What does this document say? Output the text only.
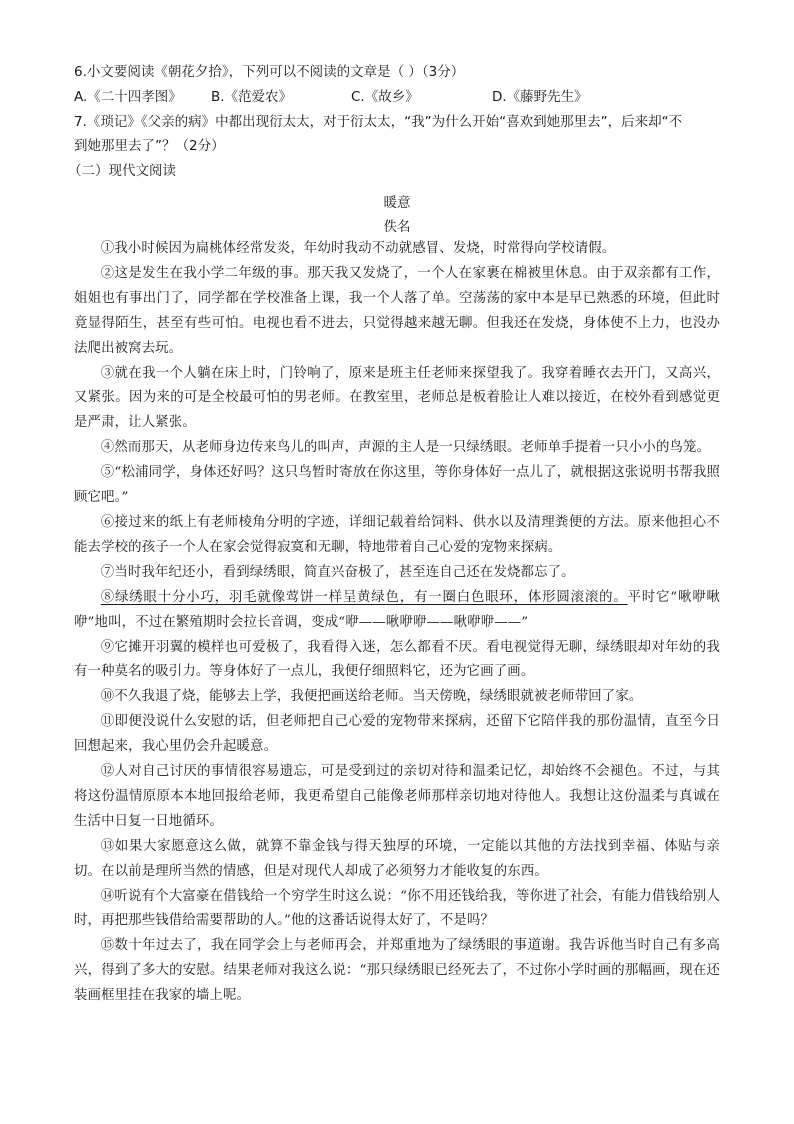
6.小文要阅读《朝花夕拾》，下列可以不阅读的文章是（ ）（3分）
A.《二十四孝图》	B.《范爱农》	C.《故乡》	D.《藤野先生》
7.《琐记》《父亲的病》中都出现衍太太，对于衍太太，“我”为什么开始“喜欢到她那里去”，后来却“不
到她那里去了”？（2分）
（二）现代文阅读
暖意
佚名

①我小时候因为扁桃体经常发炎，年幼时我动不动就感冒、发烧，时常得向学校请假。

②这是发生在我小学二年级的事。那天我又发烧了，一个人在家裹在棉被里休息。由于双亲都有工作，姐姐也有事出门了，同学都在学校准备上课，我一个人落了单。空荡荡的家中本是早已熟悉的环境，但此时竟显得陌生，甚至有些可怕。电视也看不进去，只觉得越来越无聊。但我还在发烧，身体使不上力，也没办法爬出被窝去玩。

③就在我一个人躺在床上时，门铃响了，原来是班主任老师来探望我了。我穿着睡衣去开门，又高兴，又紧张。因为来的可是全校最可怕的男老师。在教室里，老师总是板着脸让人难以接近，在校外看到感觉更是严肃，让人紧张。

④然而那天，从老师身边传来鸟儿的叫声，声源的主人是一只绿绣眼。老师单手提着一只小小的鸟笼。

⑤“松浦同学，身体还好吗？这只鸟暂时寄放在你这里，等你身体好一点儿了，就根据这张说明书帮我照顾它吧。”

⑥接过来的纸上有老师棱角分明的字迹，详细记载着给饲料、供水以及清理粪便的方法。原来他担心不能去学校的孩子一个人在家会觉得寂寞和无聊，特地带着自己心爱的宠物来探病。

⑦当时我年纪还小，看到绿绣眼，简直兴奋极了，甚至连自己还在发烧都忘了。

⑧绿绣眼十分小巧，羽毛就像莺饼一样呈黄绿色，有一圈白色眼环，体形圆滚滚的。平时它“啾咿啾咿”地叫，不过在繁殖期时会拉长音调，变成“咿——啾咿咿——啾咿咿——”

⑨它摊开羽翼的模样也可爱极了，我看得入迷，怎么都看不厌。看电视觉得无聊，绿绣眼却对年幼的我有一种莫名的吸引力。等身体好了一点儿，我便仔细照料它，还为它画了画。

⑩不久我退了烧，能够去上学，我便把画送给老师。当天傍晚，绿绣眼就被老师带回了家。

⑪即便没说什么安慰的话，但老师把自己心爱的宠物带来探病，还留下它陪伴我的那份温情，直至今日回想起来，我心里仍会升起暖意。

⑫人对自己讨厌的事情很容易遗忘，可是受到过的亲切对待和温柔记忆，却始终不会褪色。不过，与其将这份温情原原本本地回报给老师，我更希望自己能像老师那样亲切地对待他人。我想让这份温柔与真诚在生活中日复一日地循环。

⑬如果大家愿意这么做，就算不靠金钱与得天独厚的环境，一定能以其他的方法找到幸福、体贴与亲切。在以前是理所当然的情感，但是对现代人却成了必须努力才能收复的东西。

⑭听说有个大富豪在借钱给一个穷学生时这么说：“你不用还钱给我，等你进了社会，有能力借钱给别人时，再把那些钱借给需要帮助的人。”他的这番话说得太好了，不是吗？

⑮数十年过去了，我在同学会上与老师再会，并郑重地为了绿绣眼的事道谢。我告诉他当时自己有多高兴，得到了多大的安慰。结果老师对我这么说：“那只绿绣眼已经死去了，不过你小学时画的那幅画，现在还装画框里挂在我家的墙上呢。
